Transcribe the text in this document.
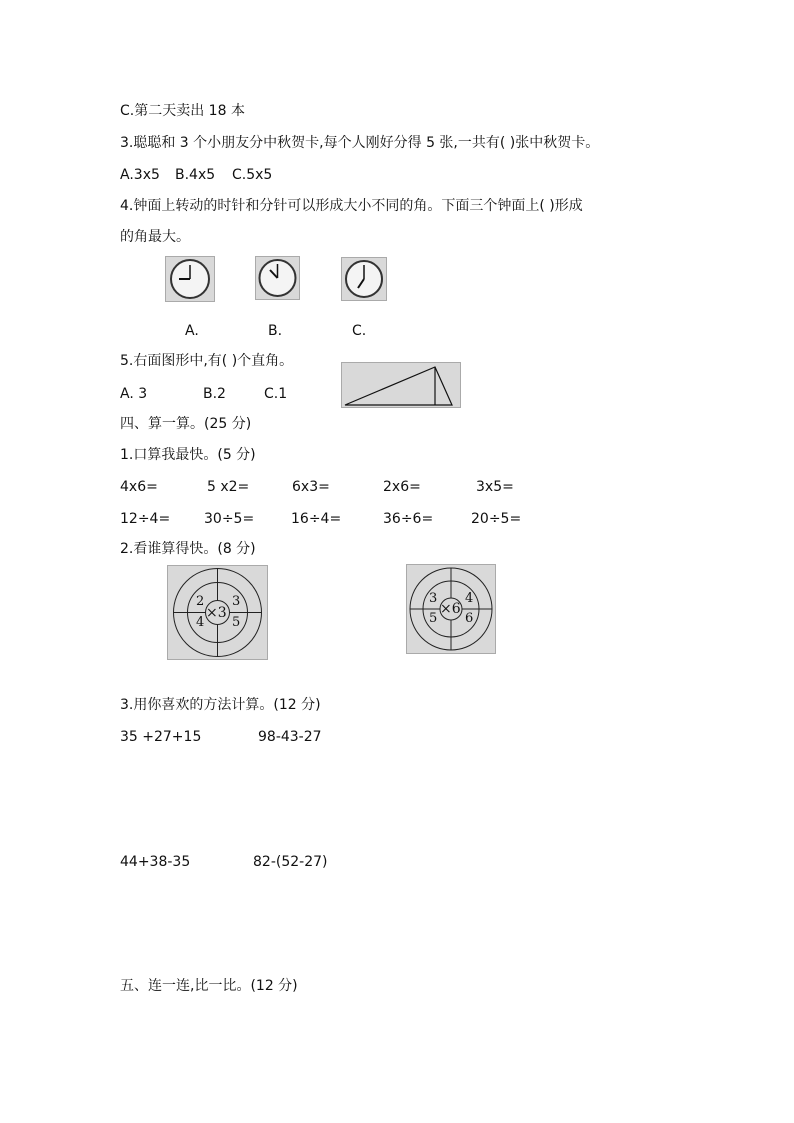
C.第二天卖出 18 本
3.聪聪和 3 个小朋友分中秋贺卡,每个人刚好分得 5 张,一共有( )张中秋贺卡。
A.3x5 B.4x5 C.5x5
4.钟面上转动的时针和分针可以形成大小不同的角。下面三个钟面上( )形成
的角最大。
A.	B.	C.
5.右面图形中,有( )个直角。
A. 3	B.2	C.1
四、算一算。(25 分)
1.口算我最快。(5 分)
4x6=	5 x2=	6x3=	2x6=	3x5=
12÷4= 30÷5=	16÷4=	36÷6=	20÷5=
2.看谁算得快。(8 分)
×3
2 3
4 5
×6
3 4
5 6
3.用你喜欢的方法计算。(12 分)
35 +27+15	98-43-27
44+38-35	82-(52-27)
五、连一连,比一比。(12 分)
